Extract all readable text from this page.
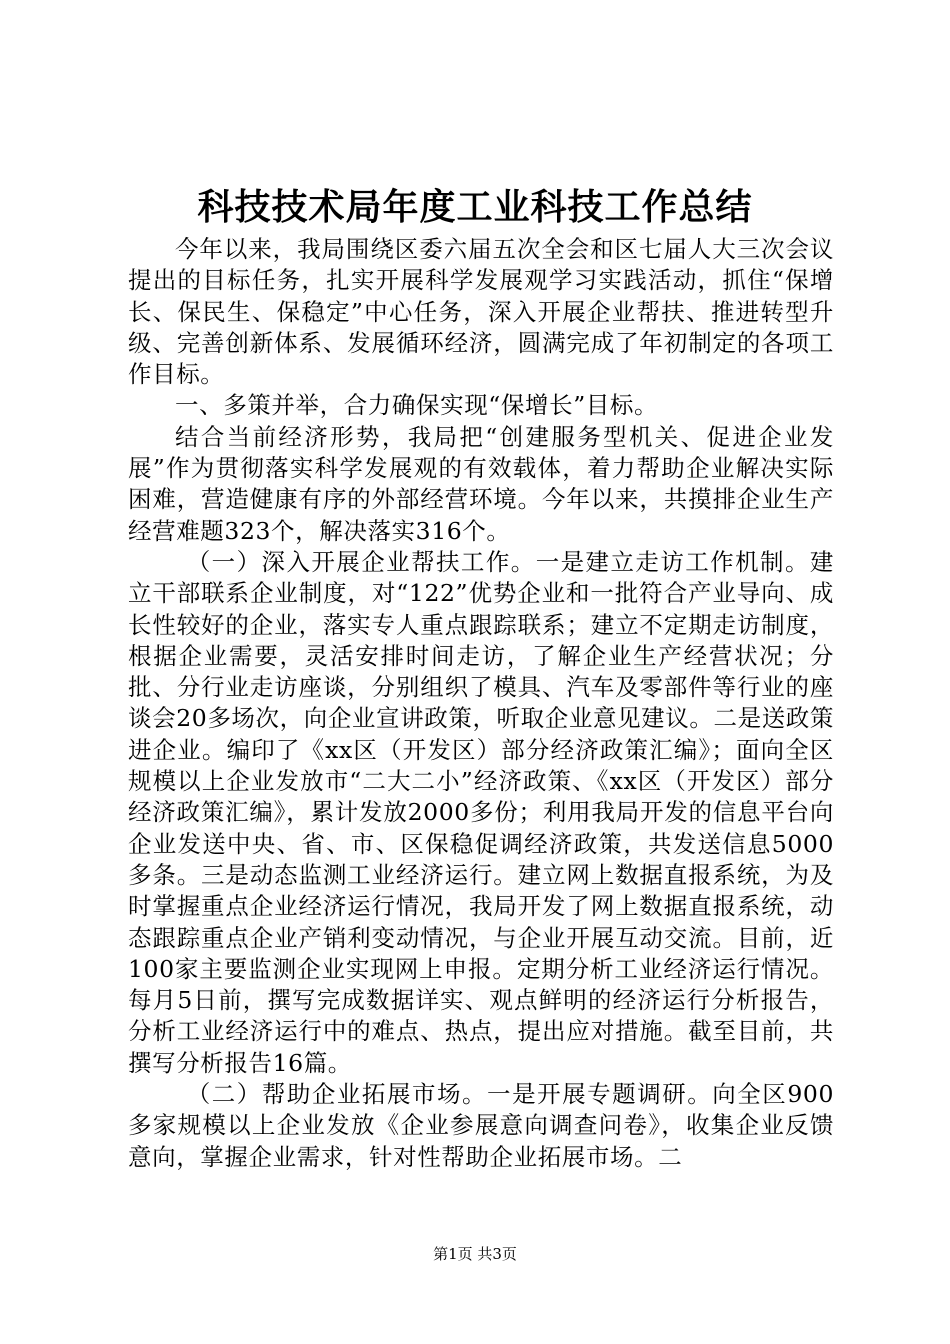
科技技术局年度工业科技工作总结

今年以来，我局围绕区委六届五次全会和区七届人大三次会议提出的目标任务，扎实开展科学发展观学习实践活动，抓住“保增长、保民生、保稳定”中心任务，深入开展企业帮扶、推进转型升级、完善创新体系、发展循环经济，圆满完成了年初制定的各项工作目标。

一、多策并举，合力确保实现“保增长”目标。

结合当前经济形势，我局把“创建服务型机关、促进企业发展”作为贯彻落实科学发展观的有效载体，着力帮助企业解决实际困难，营造健康有序的外部经营环境。今年以来，共摸排企业生产经营难题323个，解决落实316个。

（一）深入开展企业帮扶工作。一是建立走访工作机制。建立干部联系企业制度，对“122”优势企业和一批符合产业导向、成长性较好的企业，落实专人重点跟踪联系；建立不定期走访制度，根据企业需要，灵活安排时间走访，了解企业生产经营状况；分批、分行业走访座谈，分别组织了模具、汽车及零部件等行业的座谈会20多场次，向企业宣讲政策，听取企业意见建议。二是送政策进企业。编印了《xx区（开发区）部分经济政策汇编》；面向全区规模以上企业发放市“二大二小”经济政策、《xx区（开发区）部分经济政策汇编》，累计发放2000多份；利用我局开发的信息平台向企业发送中央、省、市、区保稳促调经济政策，共发送信息5000多条。三是动态监测工业经济运行。建立网上数据直报系统，为及时掌握重点企业经济运行情况，我局开发了网上数据直报系统，动态跟踪重点企业产销利变动情况，与企业开展互动交流。目前，近100家主要监测企业实现网上申报。定期分析工业经济运行情况。每月5日前，撰写完成数据详实、观点鲜明的经济运行分析报告，分析工业经济运行中的难点、热点，提出应对措施。截至目前，共撰写分析报告16篇。

（二）帮助企业拓展市场。一是开展专题调研。向全区900多家规模以上企业发放《企业参展意向调查问卷》，收集企业反馈意向，掌握企业需求，针对性帮助企业拓展市场。二

第1页 共3页
